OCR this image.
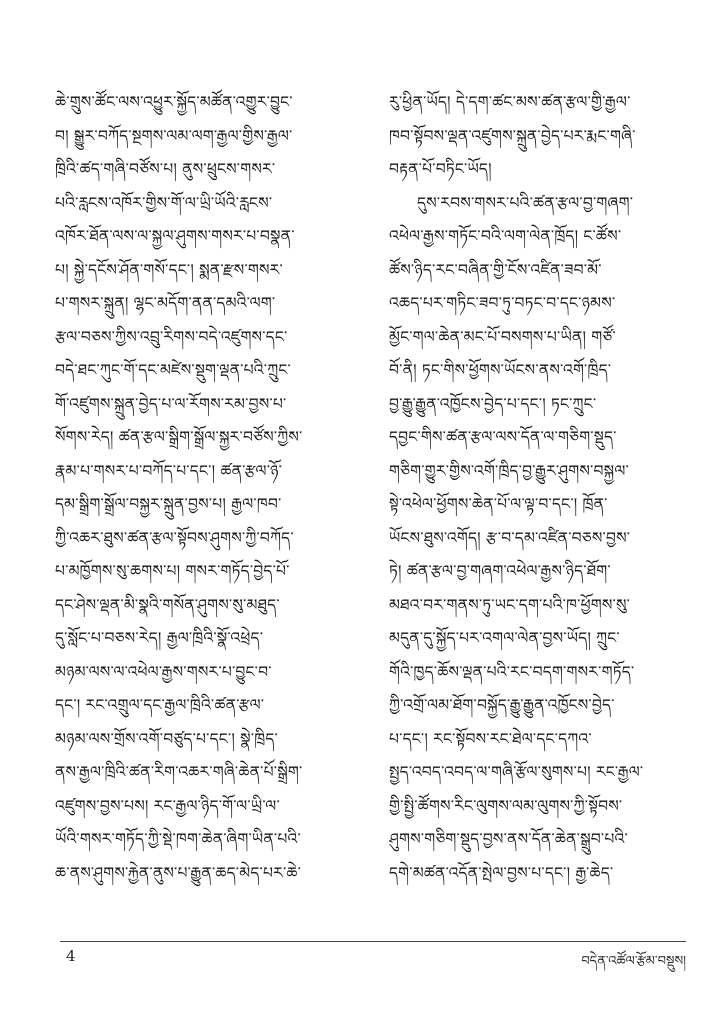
ཆེ་གྲུས་ཚོང་ལས་འཕྱུར་སྐྱོད་མཚོན་འགྱུར་བྱུང་
བ། སྒྱུར་བཀོད་སྔགས་ལམ་ལག་རྒྱལ་གྱིས་རྒྱལ་
ཁྲིའི་ཚད་གཞི་བཙོས་པ། ནུས་ཕྲུངས་གསར་
པའི་རླངས་འཁོར་གྱིས་གོ་ལ་ཡྲི་ཡོའི་རླངས་
འཁོར་ཐོན་ལས་ལ་སྐྱལ་ཤུགས་གསར་པ་བསྣན་
པ། སྐྱེ་དངོས་ཤོན་གསོ་དང་། སྨན་རྫས་གསར་
པ་གསར་སྐྲུན། ལྷང་མདོག་ནན་དམའི་ལག་
རྩལ་བཅས་ཀྱིས་འབྲུ་རིགས་བདེ་འཛུགས་དང་
བདེ་ཐང་ཀུང་གོ་དང་མཛེས་སྡུག་ལྡན་པའི་ཀྲུང་
གོ་འཛུགས་སྐྲུན་བྱེད་པ་ལ་རོགས་རམ་བྱས་པ་
སོགས་རེད། ཚན་རྩལ་སྒྲིག་སྒྲོལ་སྐྱར་བཙོས་ཀྱིས་
རྣམ་པ་གསར་པ་བཀོད་པ་དང་། ཚན་རྩལ་ཉོ་
དམ་སྒྲིག་སྒྲོལ་བསྐྱར་སྐྲུན་བྱས་པ། རྒྱལ་ཁབ་
ཀྱི་འཆར་ཐུས་ཚན་རྩལ་སྟོབས་ཤུགས་ཀྱི་བཀོད་
པ་མཁྱོགས་སུ་ཆགས་པ། གསར་གཏོད་བྱེད་པོ་
དང་ཤེས་ལྡན་མི་སྣའི་གསོན་ཤུགས་སུ་མཐུད་
དུ་སློང་པ་བཅས་རེད། རྒྱལ་ཁྲིའི་སྣོ་འཕྲེད་
མཉམ་ལས་ལ་འཕེལ་རྒྱས་གསར་པ་བྱུང་བ་
དང་། རང་འགྲུལ་དང་རྒྱལ་ཁྲིའི་ཚན་རྩལ་
མཉམ་ལས་གྲོས་འགོ་བཙུད་པ་དང་། སྣེ་ཁྲིད་
ནས་རྒྱལ་ཁྲིའི་ཚན་རིག་འཆར་གཞི་ཆེན་པོ་སྒྲིག་
འཛུགས་བྱས་པས། རང་རྒྱལ་ཉིད་གོ་ལ་ཡྲི་ལ་
ཡོའི་གསར་གཏོད་ཀྱི་སྡེ་ཁག་ཆེན་ཞིག་ཡིན་པའི་
ཆ་ནས་ཤུགས་རྐྱེན་ནུས་པ་རྒྱུན་ཆད་མེད་པར་ཆེ་
རུ་ཕྱིན་ཡོད། དེ་དག་ཚང་མས་ཚན་རྩལ་གྱི་རྒྱལ་
ཁབ་སྟོབས་ལྡན་འཛུགས་སྐྲུན་བྱེད་པར་རྨང་གཞི་
བརྟན་པོ་བཏིང་ཡོད།
དུས་རབས་གསར་པའི་ཚན་རྩལ་བྱ་གཞག་
འཕེལ་རྒྱས་གཏོང་བའི་ལག་ལེན་ཁྲོད། ང་ཚོས་
ཚོས་ཉིད་རང་བཞིན་གྱི་ངོས་འཛིན་ཟབ་མོ་
འཆད་པར་གཏིང་ཟབ་ཏུ་བཏང་བ་དང་ཉམས་
མྱོང་གལ་ཆེན་མང་པོ་བསགས་པ་ཡིན། གཙོ་
བོ་ནི། ཏང་གིས་ཕྱོགས་ཡོངས་ནས་འགོ་ཁྲིད་
བྱ་རྒྱུ་རྒྱུན་འཁྱོངས་བྱེད་པ་དང་། ཏང་ཀྲུང་
དབྱང་གིས་ཚན་རྩལ་ལས་དོན་ལ་གཅིག་སྡུད་
གཅིག་གྱུར་གྱིས་འགོ་ཁྲིད་བྱ་རྒྱུར་ཤུགས་བསྐྱལ་
སྟེ་འཕེལ་ཕྱོགས་ཆེན་པོ་ལ་ལྟ་བ་དང་། ཁྲོན་
ཡོངས་ཐུས་འགོད། རྩ་བ་དམ་འཛིན་བཅས་བྱས་
ཏེ། ཚན་རྩལ་བྱ་གཞག་འཕེལ་རྒྱས་ཉིད་ཐོག་
མཐའ་བར་གནས་ཏུ་ཡང་དག་པའི་ཁ་ཕྱོགས་སུ་
མདུན་དུ་སྐྱོད་པར་འགལ་ལེན་བྱས་ཡོད། ཀྲུང་
གོའི་ཁྱད་ཆོས་ལྡན་པའི་རང་བདག་གསར་གཏོད་
ཀྱི་འགྲོ་ལམ་ཐོག་བསྐྱོད་རྒྱུ་རྒྱུན་འཁྱོངས་བྱེད་
པ་དང་། རང་སྟོབས་རང་ཐེལ་དང་དཀའ་
སྤྱད་འབད་འབད་ལ་གཞི་རྩོལ་སུགས་པ། རང་རྒྱལ་
གྱི་སྤྱི་ཚོགས་རིང་ལུགས་ལམ་ལུགས་ཀྱི་སྟོབས་
ཤུགས་གཅིག་སྡུད་བྱས་ནས་དོན་ཆེན་སྒྲུབ་པའི་
དགེ་མཚན་འདོན་སྤེལ་བྱས་པ་དང་། རྒྱ་ཆེད་
4	བདེན་འཚོལ་རྩོམ་བསྡུས།
